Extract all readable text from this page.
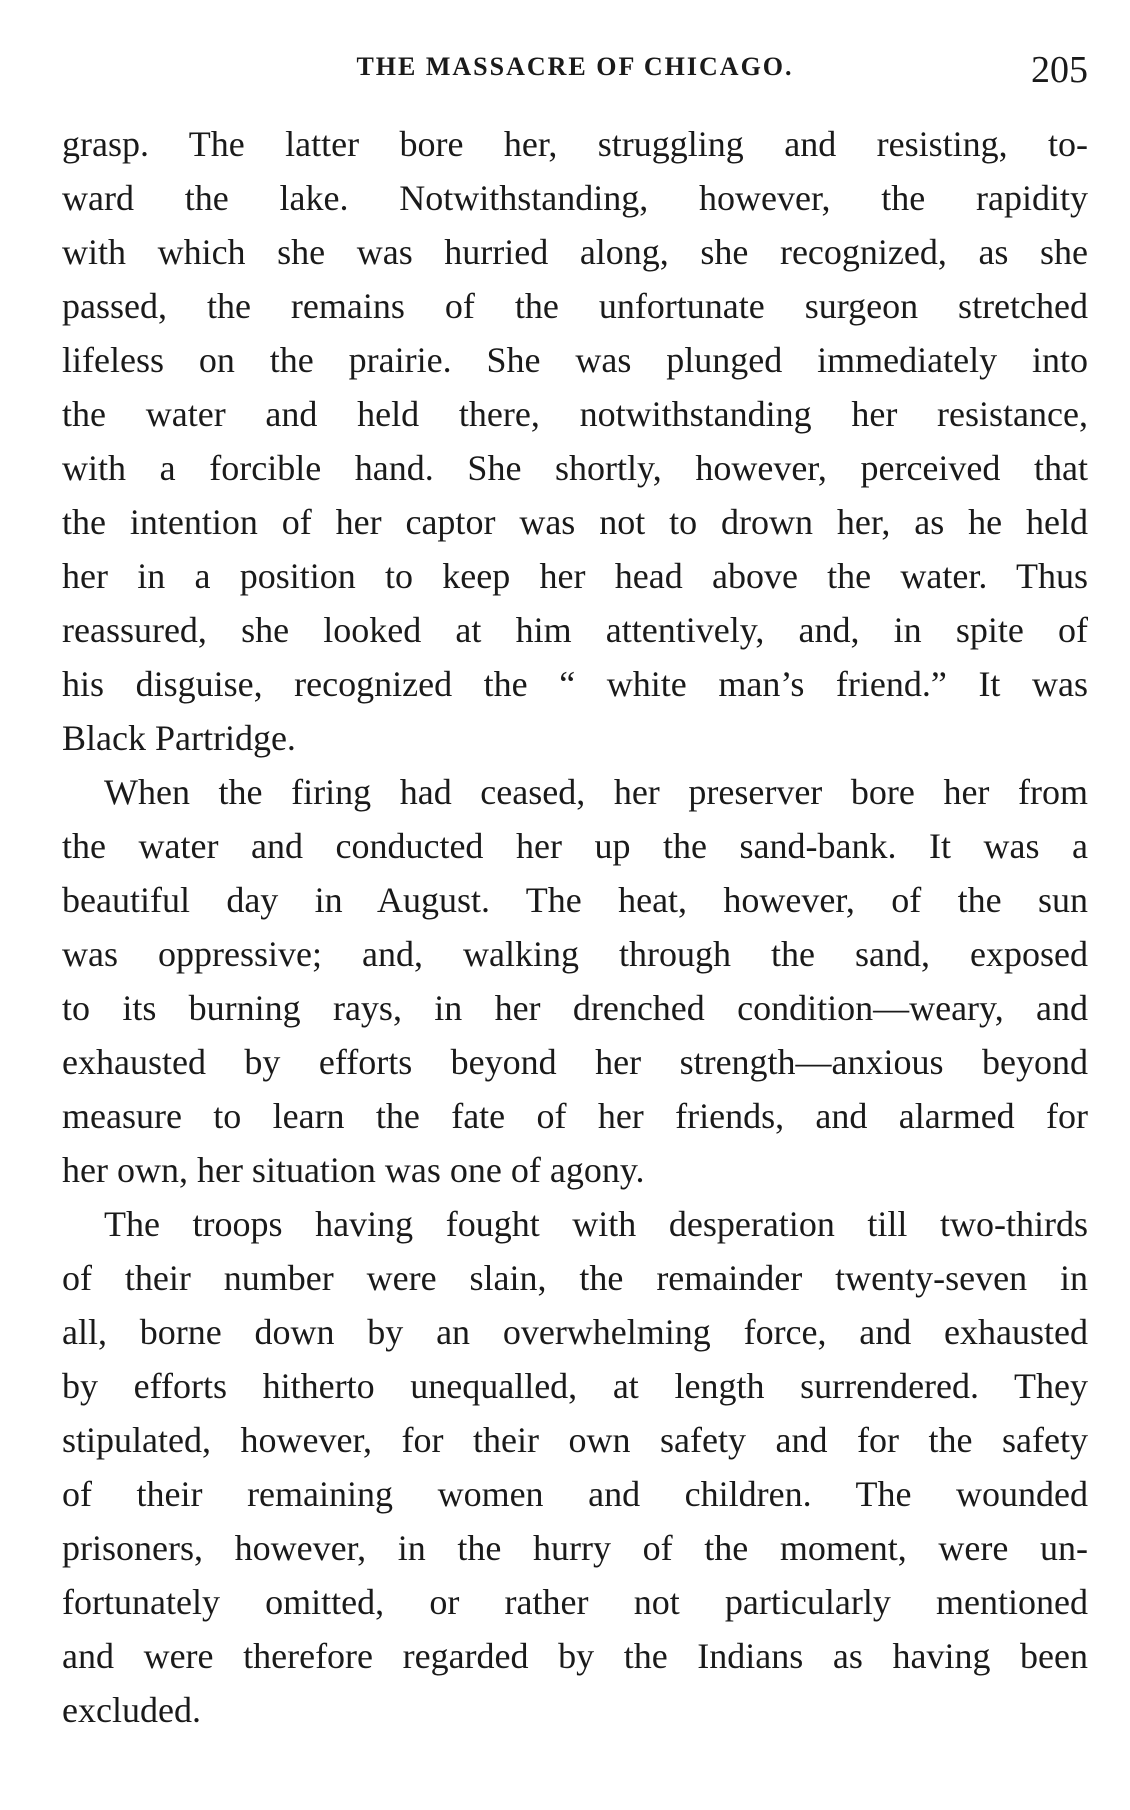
THE MASSACRE OF CHICAGO.	205
grasp. The latter bore her, struggling and resisting, to-
ward the lake. Notwithstanding, however, the rapidity
with which she was hurried along, she recognized, as she
passed, the remains of the unfortunate surgeon stretched
lifeless on the prairie. She was plunged immediately into
the water and held there, notwithstanding her resistance,
with a forcible hand. She shortly, however, perceived that
the intention of her captor was not to drown her, as he held
her in a position to keep her head above the water. Thus
reassured, she looked at him attentively, and, in spite of
his disguise, recognized the “ white man’s friend.” It was
Black Partridge.
When the firing had ceased, her preserver bore her from
the water and conducted her up the sand-bank. It was a
beautiful day in August. The heat, however, of the sun
was oppressive; and, walking through the sand, exposed
to its burning rays, in her drenched condition—weary, and
exhausted by efforts beyond her strength—anxious beyond
measure to learn the fate of her friends, and alarmed for
her own, her situation was one of agony.
The troops having fought with desperation till two-thirds
of their number were slain, the remainder twenty-seven in
all, borne down by an overwhelming force, and exhausted
by efforts hitherto unequalled, at length surrendered. They
stipulated, however, for their own safety and for the safety
of their remaining women and children. The wounded
prisoners, however, in the hurry of the moment, were un-
fortunately omitted, or rather not particularly mentioned
and were therefore regarded by the Indians as having been
excluded.
